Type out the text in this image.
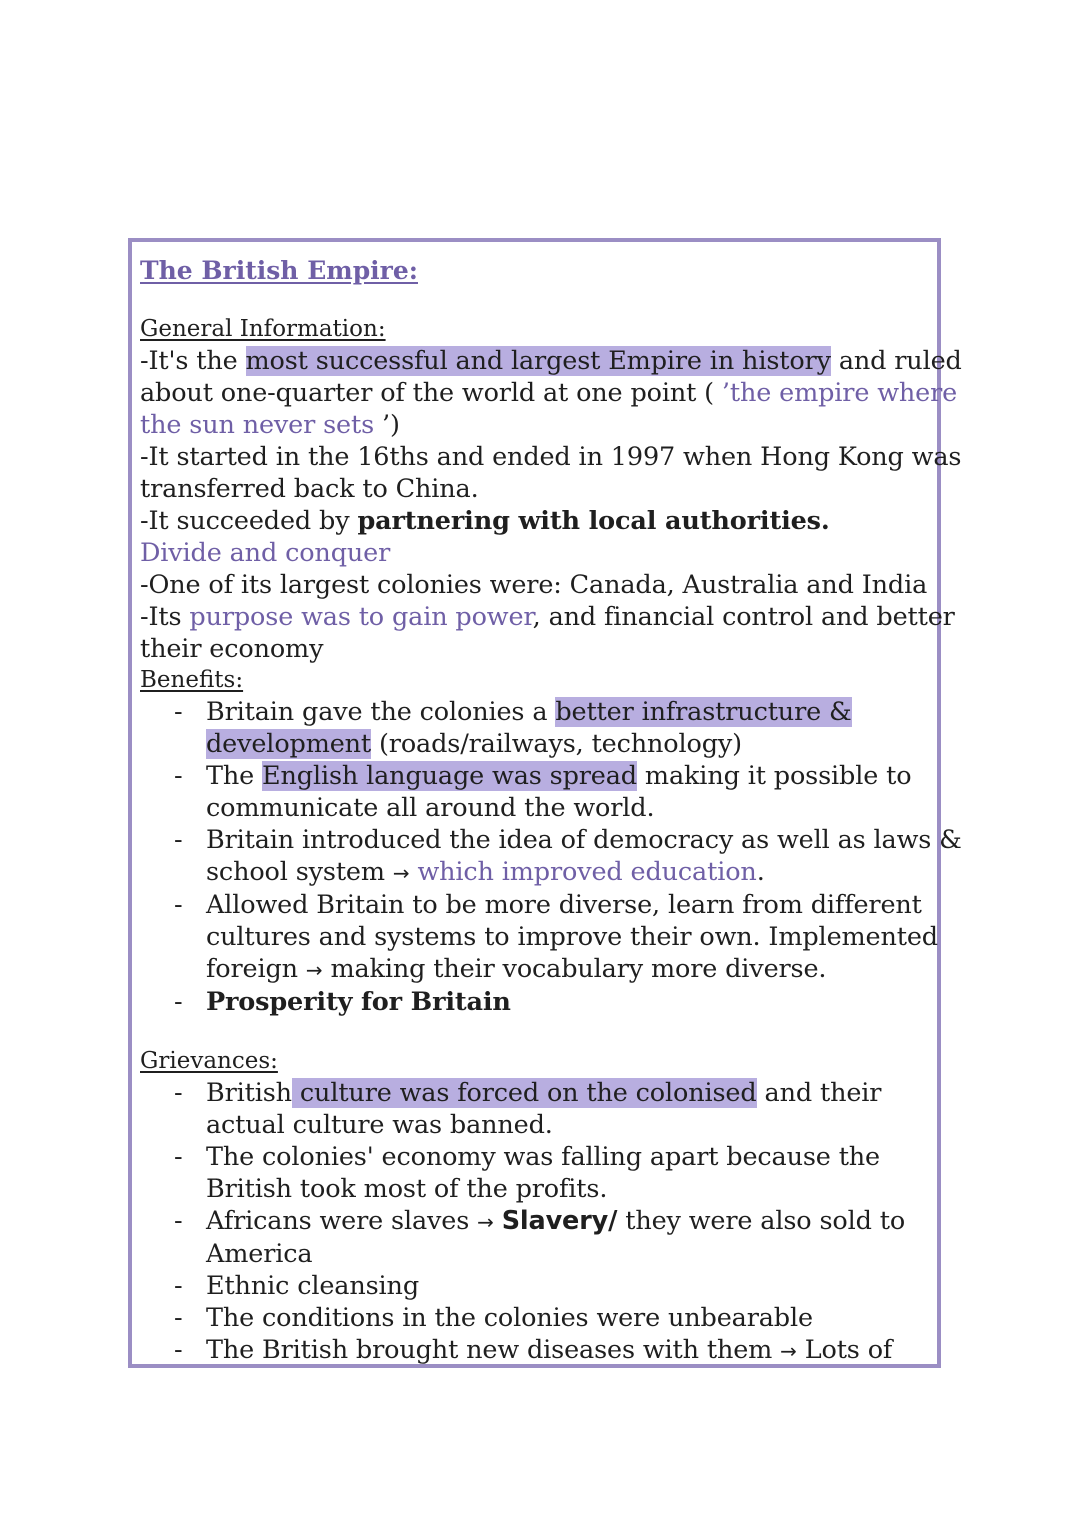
The British Empire:
General Information:
-It's the most successful and largest Empire in history and ruled
about one-quarter of the world at one point ( ’the empire where
the sun never sets ’)
-It started in the 16ths and ended in 1997 when Hong Kong was
transferred back to China.
-It succeeded by partnering with local authorities.
Divide and conquer
-One of its largest colonies were: Canada, Australia and India
-Its purpose was to gain power, and financial control and better
their economy
Benefits:
- Britain gave the colonies a better infrastructure &
development (roads/railways, technology)
- The English language was spread making it possible to
communicate all around the world.
- Britain introduced the idea of democracy as well as laws &
school system → which improved education.
- Allowed Britain to be more diverse, learn from different
cultures and systems to improve their own. Implemented
foreign → making their vocabulary more diverse.
- Prosperity for Britain
Grievances:
- British culture was forced on the colonised and their
actual culture was banned.
- The colonies' economy was falling apart because the
British took most of the profits.
- Africans were slaves → Slavery/ they were also sold to
America
- Ethnic cleansing
- The conditions in the colonies were unbearable
- The British brought new diseases with them → Lots of
